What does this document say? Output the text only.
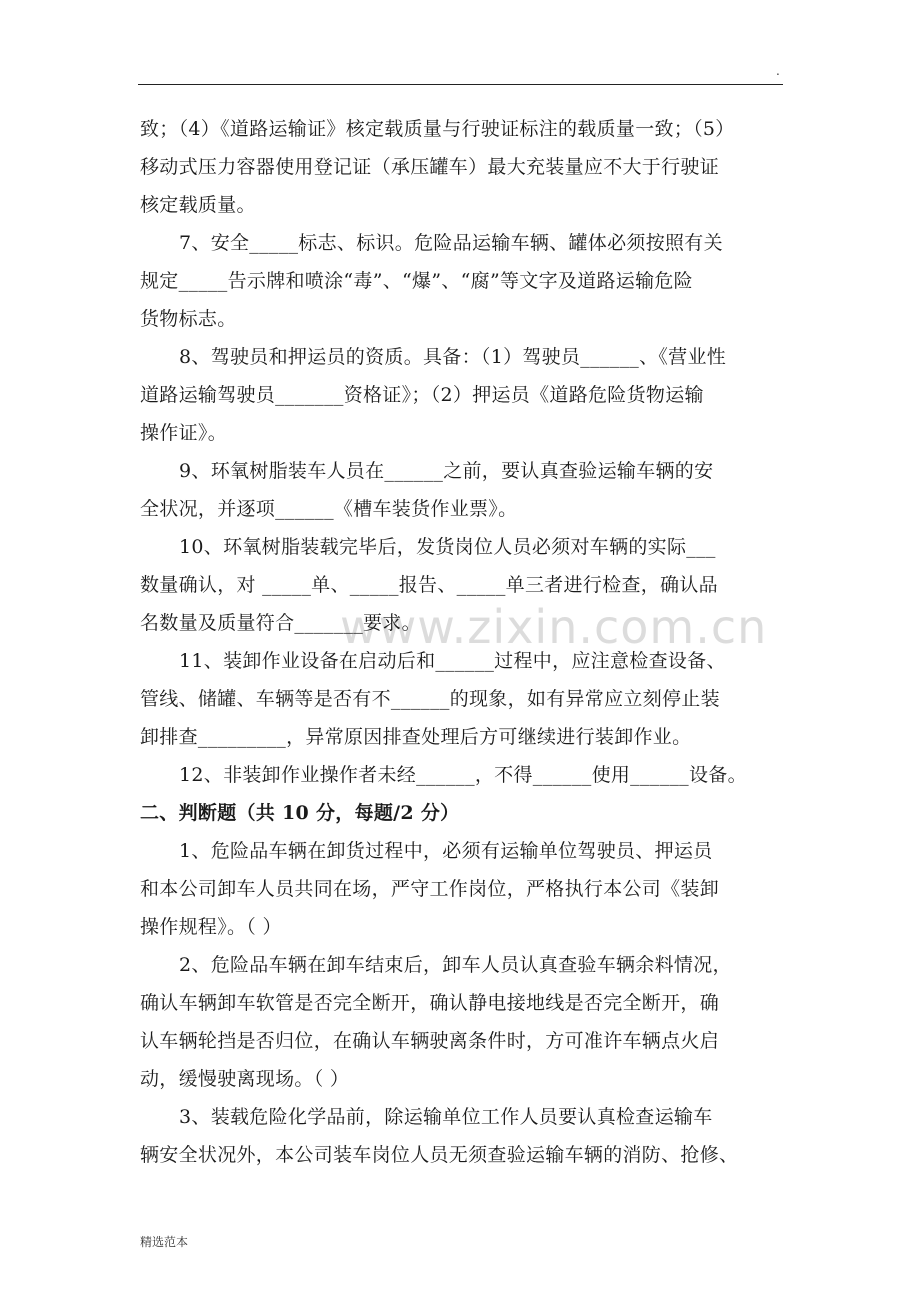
.
www.zixin.com.cn
致；（4）《道路运输证》核定载质量与行驶证标注的载质量一致；（5）
移动式压力容器使用登记证（承压罐车）最大充装量应不大于行驶证
核定载质量。
7、安全_____标志、标识。危险品运输车辆、罐体必须按照有关
规定_____告示牌和喷涂“毒”、“爆”、“腐”等文字及道路运输危险
货物标志。
8、驾驶员和押运员的资质。具备：（1）驾驶员______、《营业性
道路运输驾驶员_______资格证》；（2）押运员《道路危险货物运输
操作证》。
9、环氧树脂装车人员在______之前，要认真查验运输车辆的安
全状况，并逐项______《槽车装货作业票》。
10、环氧树脂装载完毕后，发货岗位人员必须对车辆的实际___
数量确认，对 _____单、_____报告、_____单三者进行检查，确认品
名数量及质量符合_______要求。
11、装卸作业设备在启动后和______过程中，应注意检查设备、
管线、储罐、车辆等是否有不______的现象，如有异常应立刻停止装
卸排查_________，异常原因排查处理后方可继续进行装卸作业。
12、非装卸作业操作者未经______，不得______使用______设备。
二、判断题（共 10 分，每题/2 分）
1、危险品车辆在卸货过程中，必须有运输单位驾驶员、押运员
和本公司卸车人员共同在场，严守工作岗位，严格执行本公司《装卸
操作规程》。（ ）
2、危险品车辆在卸车结束后，卸车人员认真查验车辆余料情况，
确认车辆卸车软管是否完全断开，确认静电接地线是否完全断开，确
认车辆轮挡是否归位，在确认车辆驶离条件时，方可准许车辆点火启
动，缓慢驶离现场。（ ）
3、装载危险化学品前，除运输单位工作人员要认真检查运输车
辆安全状况外，本公司装车岗位人员无须查验运输车辆的消防、抢修、
精选范本
